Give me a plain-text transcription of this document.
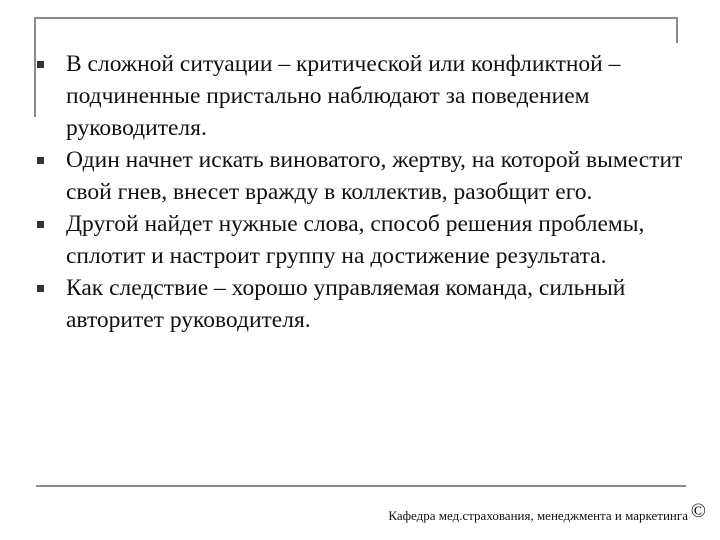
В сложной ситуации – критической или конфликтной – подчиненные пристально наблюдают за поведением руководителя.
Один начнет искать виноватого, жертву, на которой выместит свой гнев, внесет вражду в коллектив, разобщит его.
Другой найдет нужные слова, способ решения проблемы, сплотит и настроит группу на достижение результата.
Как следствие – хорошо управляемая команда, сильный авторитет руководителя.
Кафедра мед.страхования, менеджмента и маркетинга ©
